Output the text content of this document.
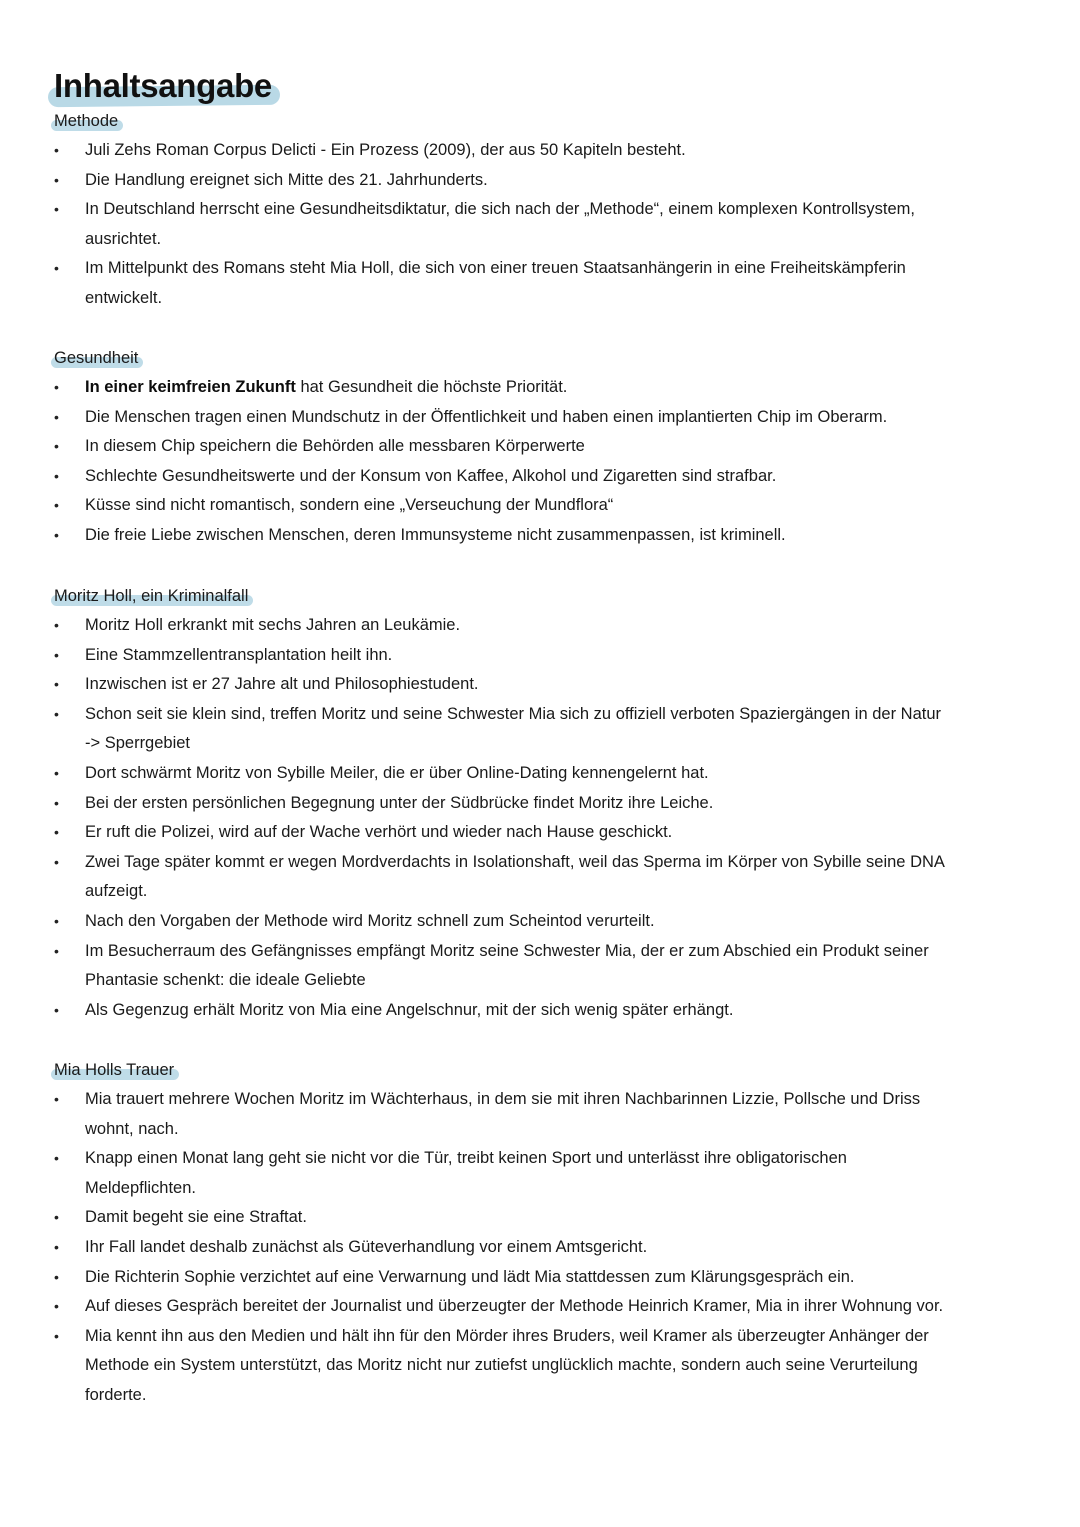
Inhaltsangabe
Methode
• Juli Zehs Roman Corpus Delicti - Ein Prozess (2009), der aus 50 Kapiteln besteht.
• Die Handlung ereignet sich Mitte des 21. Jahrhunderts.
• In Deutschland herrscht eine Gesundheitsdiktatur, die sich nach der „Methode“, einem komplexen Kontrollsystem,
ausrichtet.
• Im Mittelpunkt des Romans steht Mia Holl, die sich von einer treuen Staatsanhängerin in eine Freiheitskämpferin
entwickelt.
Gesundheit
• In einer keimfreien Zukunft hat Gesundheit die höchste Priorität.
• Die Menschen tragen einen Mundschutz in der Öffentlichkeit und haben einen implantierten Chip im Oberarm.
• In diesem Chip speichern die Behörden alle messbaren Körperwerte
• Schlechte Gesundheitswerte und der Konsum von Kaffee, Alkohol und Zigaretten sind strafbar.
• Küsse sind nicht romantisch, sondern eine „Verseuchung der Mundflora“
• Die freie Liebe zwischen Menschen, deren Immunsysteme nicht zusammenpassen, ist kriminell.
Moritz Holl, ein Kriminalfall
• Moritz Holl erkrankt mit sechs Jahren an Leukämie.
• Eine Stammzellentransplantation heilt ihn.
• Inzwischen ist er 27 Jahre alt und Philosophiestudent.
• Schon seit sie klein sind, treffen Moritz und seine Schwester Mia sich zu offiziell verboten Spaziergängen in der Natur
-> Sperrgebiet
• Dort schwärmt Moritz von Sybille Meiler, die er über Online-Dating kennengelernt hat.
• Bei der ersten persönlichen Begegnung unter der Südbrücke findet Moritz ihre Leiche.
• Er ruft die Polizei, wird auf der Wache verhört und wieder nach Hause geschickt.
• Zwei Tage später kommt er wegen Mordverdachts in Isolationshaft, weil das Sperma im Körper von Sybille seine DNA
aufzeigt.
• Nach den Vorgaben der Methode wird Moritz schnell zum Scheintod verurteilt.
• Im Besucherraum des Gefängnisses empfängt Moritz seine Schwester Mia, der er zum Abschied ein Produkt seiner
Phantasie schenkt: die ideale Geliebte
• Als Gegenzug erhält Moritz von Mia eine Angelschnur, mit der sich wenig später erhängt.
Mia Holls Trauer
• Mia trauert mehrere Wochen Moritz im Wächterhaus, in dem sie mit ihren Nachbarinnen Lizzie, Pollsche und Driss
wohnt, nach.
• Knapp einen Monat lang geht sie nicht vor die Tür, treibt keinen Sport und unterlässt ihre obligatorischen
Meldepflichten.
• Damit begeht sie eine Straftat.
• Ihr Fall landet deshalb zunächst als Güteverhandlung vor einem Amtsgericht.
• Die Richterin Sophie verzichtet auf eine Verwarnung und lädt Mia stattdessen zum Klärungsgespräch ein.
• Auf dieses Gespräch bereitet der Journalist und überzeugter der Methode Heinrich Kramer, Mia in ihrer Wohnung vor.
• Mia kennt ihn aus den Medien und hält ihn für den Mörder ihres Bruders, weil Kramer als überzeugter Anhänger der
Methode ein System unterstützt, das Moritz nicht nur zutiefst unglücklich machte, sondern auch seine Verurteilung
forderte.
